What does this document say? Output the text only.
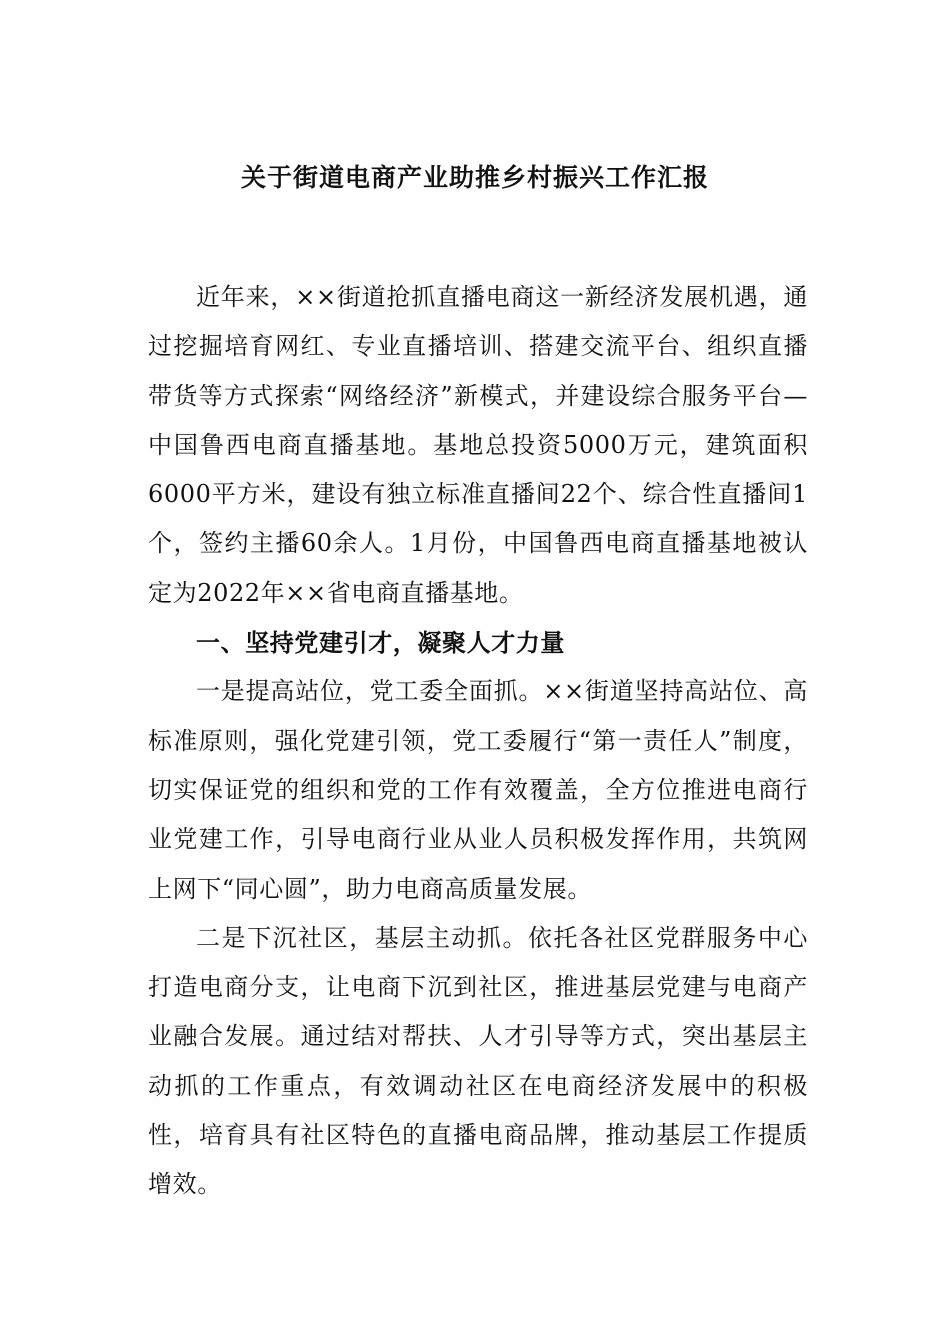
关于街道电商产业助推乡村振兴工作汇报

近年来，××街道抢抓直播电商这一新经济发展机遇，通过挖掘培育网红、专业直播培训、搭建交流平台、组织直播带货等方式探索“网络经济”新模式，并建设综合服务平台—中国鲁西电商直播基地。基地总投资5000万元，建筑面积6000平方米，建设有独立标准直播间22个、综合性直播间1个，签约主播60余人。1月份，中国鲁西电商直播基地被认定为2022年××省电商直播基地。

一、坚持党建引才，凝聚人才力量

一是提高站位，党工委全面抓。××街道坚持高站位、高标准原则，强化党建引领，党工委履行“第一责任人”制度，切实保证党的组织和党的工作有效覆盖，全方位推进电商行业党建工作，引导电商行业从业人员积极发挥作用，共筑网上网下“同心圆”，助力电商高质量发展。

二是下沉社区，基层主动抓。依托各社区党群服务中心打造电商分支，让电商下沉到社区，推进基层党建与电商产业融合发展。通过结对帮扶、人才引导等方式，突出基层主动抓的工作重点，有效调动社区在电商经济发展中的积极性，培育具有社区特色的直播电商品牌，推动基层工作提质增效。
